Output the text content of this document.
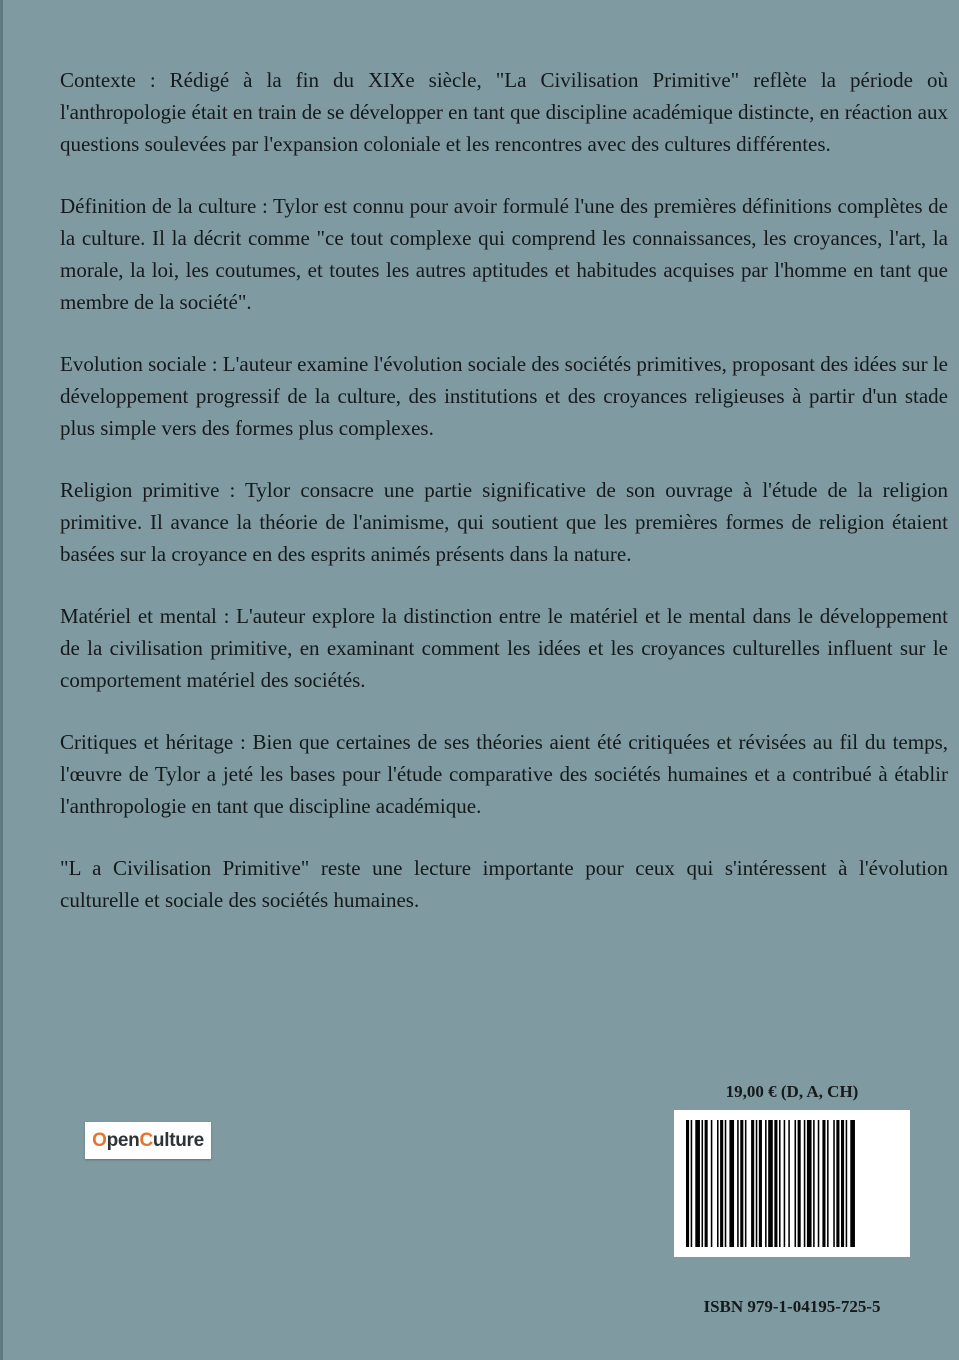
Contexte : Rédigé à la fin du XIXe siècle, "La Civilisation Primitive" reflète la période où l'anthropologie était en train de se développer en tant que discipline académique distincte, en réaction aux questions soulevées par l'expansion coloniale et les rencontres avec des cultures différentes.

Définition de la culture : Tylor est connu pour avoir formulé l'une des premières définitions complètes de la culture. Il la décrit comme "ce tout complexe qui comprend les connaissances, les croyances, l'art, la morale, la loi, les coutumes, et toutes les autres aptitudes et habitudes acquises par l'homme en tant que membre de la société".

Evolution sociale : L'auteur examine l'évolution sociale des sociétés primitives, proposant des idées sur le développement progressif de la culture, des institutions et des croyances religieuses à partir d'un stade plus simple vers des formes plus complexes.

Religion primitive : Tylor consacre une partie significative de son ouvrage à l'étude de la religion primitive. Il avance la théorie de l'animisme, qui soutient que les premières formes de religion étaient basées sur la croyance en des esprits animés présents dans la nature.

Matériel et mental : L'auteur explore la distinction entre le matériel et le mental dans le développement de la civilisation primitive, en examinant comment les idées et les croyances culturelles influent sur le comportement matériel des sociétés.

Critiques et héritage : Bien que certaines de ses théories aient été critiquées et révisées au fil du temps, l'œuvre de Tylor a jeté les bases pour l'étude comparative des sociétés humaines et a contribué à établir l'anthropologie en tant que discipline académique.

"L a Civilisation Primitive" reste une lecture importante pour ceux qui s'intéressent à l'évolution culturelle et sociale des sociétés humaines.

O pen C ulture
19,00 € (D, A, CH)
ISBN 979-1-04195-725-5
